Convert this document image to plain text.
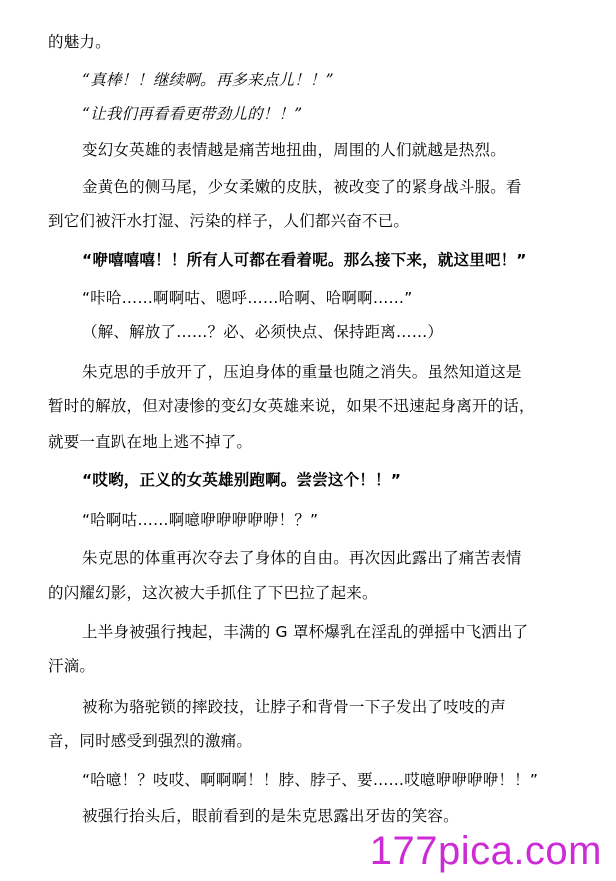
的魅力。
“真棒！！继续啊。再多来点儿！！”
“让我们再看看更带劲儿的！！”
变幻女英雄的表情越是痛苦地扭曲，周围的人们就越是热烈。
金黄色的侧马尾，少女柔嫩的皮肤，被改变了的紧身战斗服。看
到它们被汗水打湿、污染的样子，人们都兴奋不已。
“咿嘻嘻嘻！！所有人可都在看着呢。那么接下来，就这里吧！”
“咔哈……啊啊咕、嗯呼……哈啊、哈啊啊……”
（解、解放了……？必、必须快点、保持距离……）
朱克思的手放开了，压迫身体的重量也随之消失。虽然知道这是
暂时的解放，但对凄惨的变幻女英雄来说，如果不迅速起身离开的话，
就要一直趴在地上逃不掉了。
“哎哟，正义的女英雄别跑啊。尝尝这个！！”
“哈啊咕……啊噫咿咿咿咿咿！？”
朱克思的体重再次夺去了身体的自由。再次因此露出了痛苦表情
的闪耀幻影，这次被大手抓住了下巴拉了起来。
上半身被强行拽起，丰满的 G 罩杯爆乳在淫乱的弹摇中飞洒出了
汗滴。
被称为骆驼锁的摔跤技，让脖子和背骨一下子发出了吱吱的声
音，同时感受到强烈的激痛。
“哈噫！？吱哎、啊啊啊！！脖、脖子、要……哎噫咿咿咿咿！！”
被强行抬头后，眼前看到的是朱克思露出牙齿的笑容。
177pica.com
